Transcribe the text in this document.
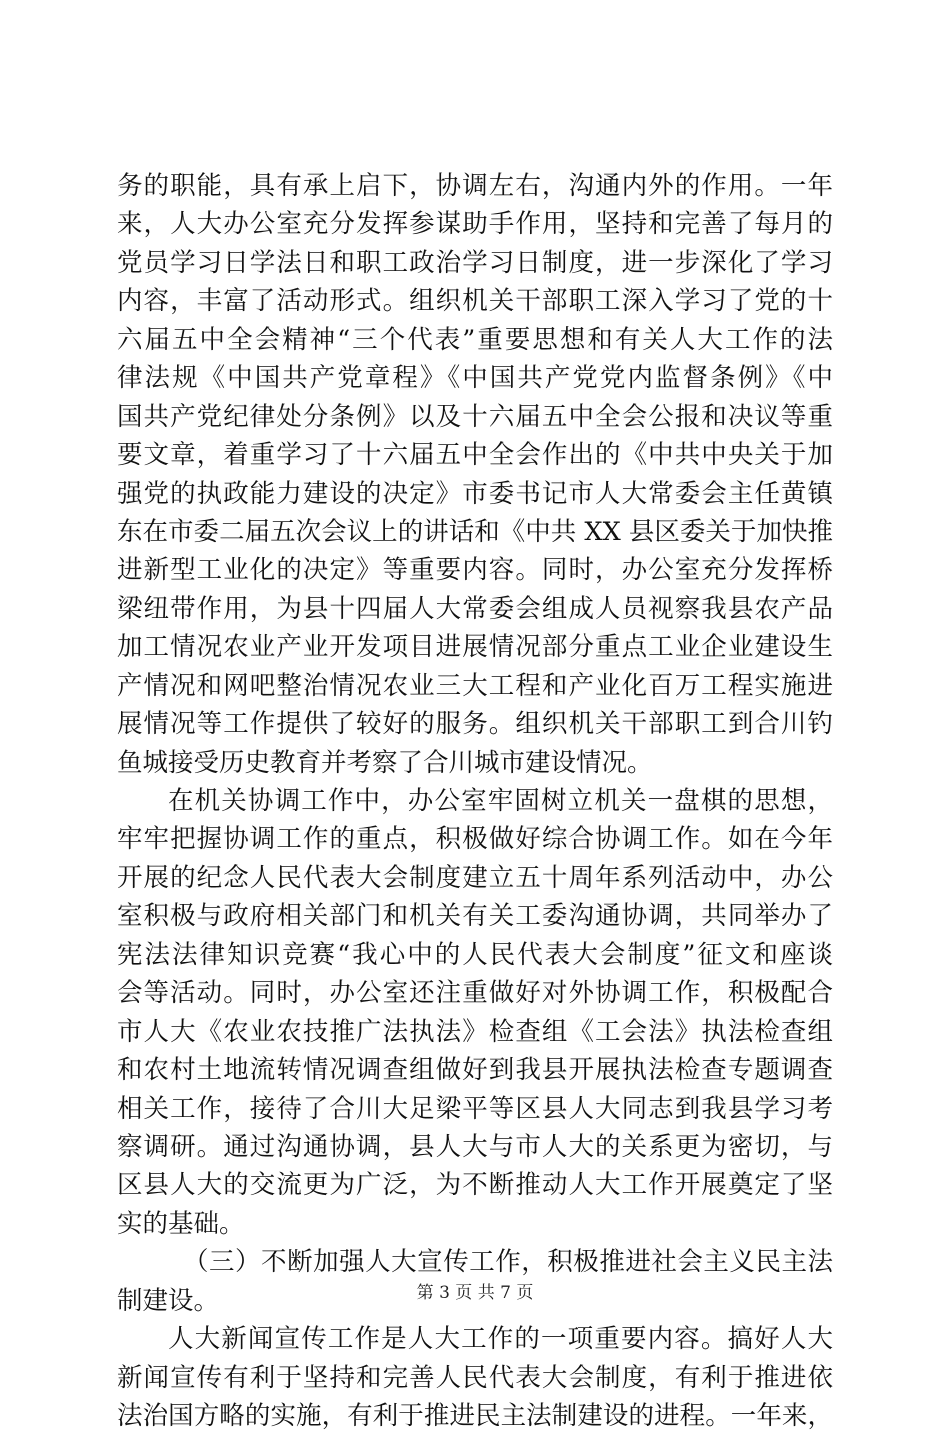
务的职能，具有承上启下，协调左右，沟通内外的作用。一年
来，人大办公室充分发挥参谋助手作用，坚持和完善了每月的
党员学习日学法日和职工政治学习日制度，进一步深化了学习
内容，丰富了活动形式。组织机关干部职工深入学习了党的十
六届五中全会精神“三个代表”重要思想和有关人大工作的法
律法规《中国共产党章程》《中国共产党党内监督条例》《中
国共产党纪律处分条例》以及十六届五中全会公报和决议等重
要文章，着重学习了十六届五中全会作出的《中共中央关于加
强党的执政能力建设的决定》市委书记市人大常委会主任黄镇
东在市委二届五次会议上的讲话和《中共 XX 县区委关于加快推
进新型工业化的决定》等重要内容。同时，办公室充分发挥桥
梁纽带作用，为县十四届人大常委会组成人员视察我县农产品
加工情况农业产业开发项目进展情况部分重点工业企业建设生
产情况和网吧整治情况农业三大工程和产业化百万工程实施进
展情况等工作提供了较好的服务。组织机关干部职工到合川钓
鱼城接受历史教育并考察了合川城市建设情况。
在机关协调工作中，办公室牢固树立机关一盘棋的思想，
牢牢把握协调工作的重点，积极做好综合协调工作。如在今年
开展的纪念人民代表大会制度建立五十周年系列活动中，办公
室积极与政府相关部门和机关有关工委沟通协调，共同举办了
宪法法律知识竞赛“我心中的人民代表大会制度”征文和座谈
会等活动。同时，办公室还注重做好对外协调工作，积极配合
市人大《农业农技推广法执法》检查组《工会法》执法检查组
和农村土地流转情况调查组做好到我县开展执法检查专题调查
相关工作，接待了合川大足梁平等区县人大同志到我县学习考
察调研。通过沟通协调，县人大与市人大的关系更为密切，与
区县人大的交流更为广泛，为不断推动人大工作开展奠定了坚
实的基础。
（三）不断加强人大宣传工作，积极推进社会主义民主法
制建设。
人大新闻宣传工作是人大工作的一项重要内容。搞好人大
新闻宣传有利于坚持和完善人民代表大会制度，有利于推进依
法治国方略的实施，有利于推进民主法制建设的进程。一年来，
第 3 页 共 7 页
